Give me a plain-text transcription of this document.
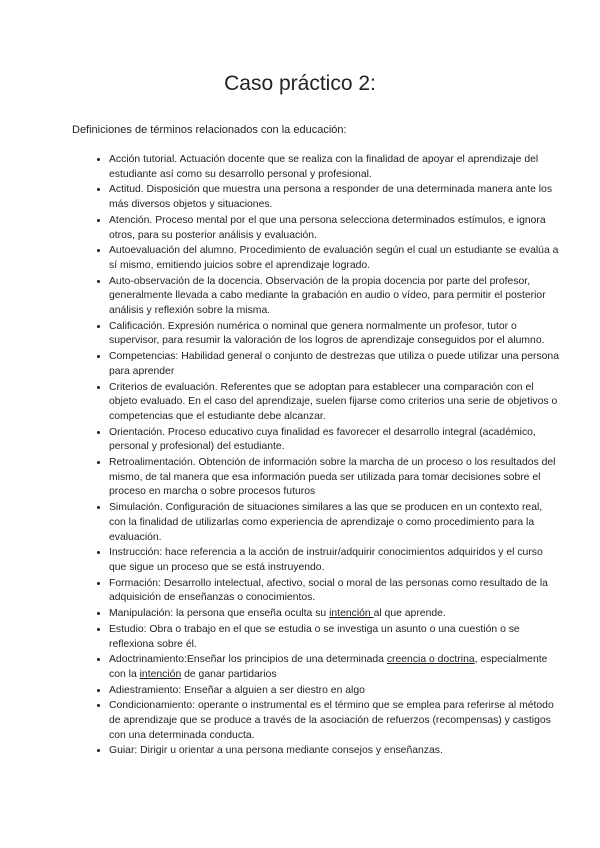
Caso práctico 2:

Definiciones de términos relacionados con la educación:

• Acción tutorial. Actuación docente que se realiza con la finalidad de apoyar el aprendizaje del estudiante así como su desarrollo personal y profesional.
• Actitud. Disposición que muestra una persona a responder de una determinada manera ante los más diversos objetos y situaciones.
• Atención. Proceso mental por el que una persona selecciona determinados estímulos, e ignora otros, para su posterior análisis y evaluación.
• Autoevaluación del alumno. Procedimiento de evaluación según el cual un estudiante se evalúa a sí mismo, emitiendo juicios sobre el aprendizaje logrado.
• Auto-observación de la docencia. Observación de la propia docencia por parte del profesor, generalmente llevada a cabo mediante la grabación en audio o vídeo, para permitir el posterior análisis y reflexión sobre la misma.
• Calificación. Expresión numérica o nominal que genera normalmente un profesor, tutor o supervisor, para resumir la valoración de los logros de aprendizaje conseguidos por el alumno.
• Competencias: Habilidad general o conjunto de destrezas que utiliza o puede utilizar una persona para aprender
• Criterios de evaluación. Referentes que se adoptan para establecer una comparación con el objeto evaluado. En el caso del aprendizaje, suelen fijarse como criterios una serie de objetivos o competencias que el estudiante debe alcanzar.
• Orientación. Proceso educativo cuya finalidad es favorecer el desarrollo integral (académico, personal y profesional) del estudiante.
• Retroalimentación. Obtención de información sobre la marcha de un proceso o los resultados del mismo, de tal manera que esa información pueda ser utilizada para tomar decisiones sobre el proceso en marcha o sobre procesos futuros
• Simulación. Configuración de situaciones similares a las que se producen en un contexto real, con la finalidad de utilizarlas como experiencia de aprendizaje o como procedimiento para la evaluación.
• Instrucción: hace referencia a la acción de instruir/adquirir conocimientos adquiridos y el curso que sigue un proceso que se está instruyendo.
• Formación: Desarrollo intelectual, afectivo, social o moral de las personas como resultado de la adquisición de enseñanzas o conocimientos.
• Manipulación: la persona que enseña oculta su intención al que aprende.
• Estudio: Obra o trabajo en el que se estudia o se investiga un asunto o una cuestión o se reflexiona sobre él.
• Adoctrinamiento:Enseñar los principios de una determinada creencia o doctrina, especialmente con la intención de ganar partidarios
• Adiestramiento: Enseñar a alguien a ser diestro en algo
• Condicionamiento: operante o instrumental es el término que se emplea para referirse al método de aprendizaje que se produce a través de la asociación de refuerzos (recompensas) y castigos con una determinada conducta.
• Guiar: Dirigir u orientar a una persona mediante consejos y enseñanzas.
